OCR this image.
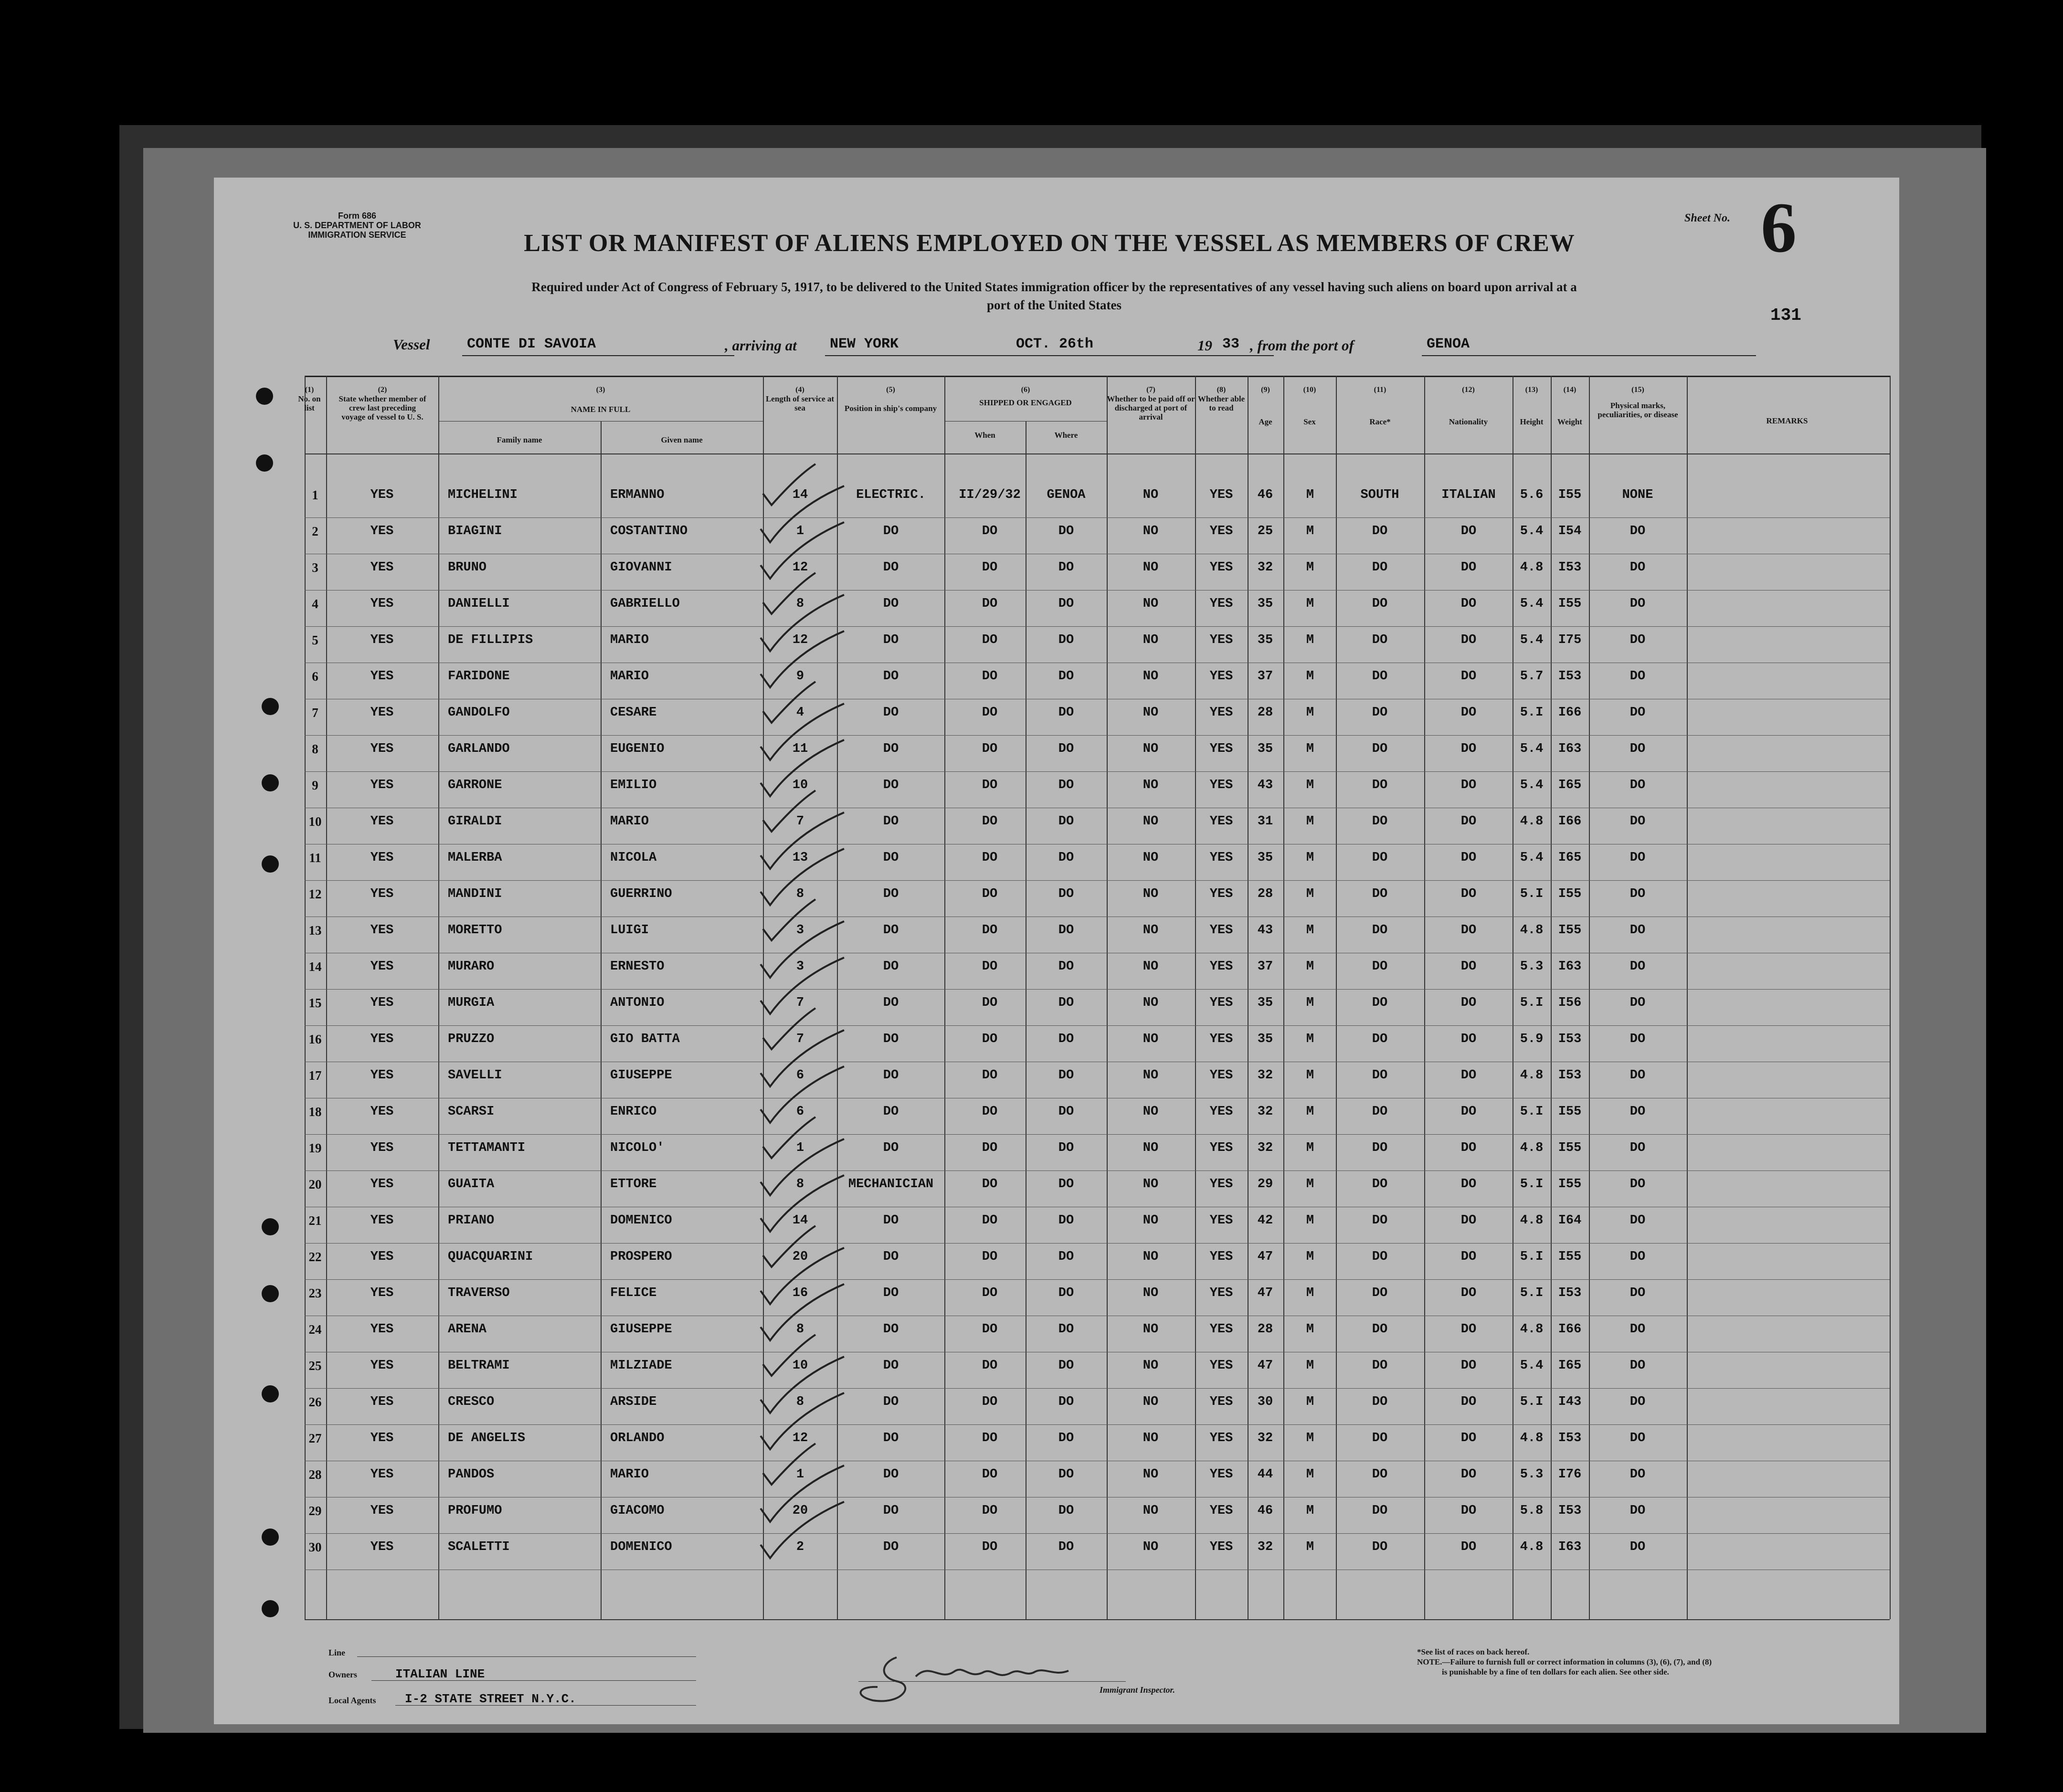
Form 686
U. S. DEPARTMENT OF LABOR
IMMIGRATION SERVICE	LIST OR MANIFEST OF ALIENS EMPLOYED ON THE VESSEL AS MEMBERS OF CREW
Required under Act of Congress of February 5, 1917, to be delivered to the United States immigration officer by the representatives of any vessel having such aliens on board upon arrival at a
port of the United States
Sheet No. 6
131
Vessel	CONTE DI SAVOIA	, arriving at NEW YORK	OCT. 26th	19 33 , from the port of	GENOA
(1)
No. on list
(2)
State whether member of crew last preceding voyage of vessel to U. S.
(3)
NAME IN FULL
Family name	Given name
(4)
Length of service at sea
(5)
Position in ship's company
(6)
SHIPPED OR ENGAGED
When	Where
(7)
Whether to be paid off or discharged at port of arrival
(8)
Whether able to read
(9)
Age
(10)
Sex
(11)
Race*
(12)
Nationality
(13)
Height
(14)
Weight
(15)
Physical marks, peculiarities, or disease
REMARKS
1	YES	MICHELINI	ERMANNO	14	ELECTRIC.	II/29/32	GENOA	NO	YES	46	M	SOUTH	ITALIAN	5.6	I55	NONE
2	YES	BIAGINI	COSTANTINO	1	DO	DO	DO	NO	YES	25	M	DO	DO	5.4	I54	DO
3	YES	BRUNO	GIOVANNI	12	DO	DO	DO	NO	YES	32	M	DO	DO	4.8	I53	DO
4	YES	DANIELLI	GABRIELLO	8	DO	DO	DO	NO	YES	35	M	DO	DO	5.4	I55	DO
5	YES	DE FILLIPIS	MARIO	12	DO	DO	DO	NO	YES	35	M	DO	DO	5.4	I75	DO
6	YES	FARIDONE	MARIO	9	DO	DO	DO	NO	YES	37	M	DO	DO	5.7	I53	DO
7	YES	GANDOLFO	CESARE	4	DO	DO	DO	NO	YES	28	M	DO	DO	5.I	I66	DO
8	YES	GARLANDO	EUGENIO	11	DO	DO	DO	NO	YES	35	M	DO	DO	5.4	I63	DO
9	YES	GARRONE	EMILIO	10	DO	DO	DO	NO	YES	43	M	DO	DO	5.4	I65	DO
10	YES	GIRALDI	MARIO	7	DO	DO	DO	NO	YES	31	M	DO	DO	4.8	I66	DO
11	YES	MALERBA	NICOLA	13	DO	DO	DO	NO	YES	35	M	DO	DO	5.4	I65	DO
12	YES	MANDINI	GUERRINO	8	DO	DO	DO	NO	YES	28	M	DO	DO	5.I	I55	DO
13	YES	MORETTO	LUIGI	3	DO	DO	DO	NO	YES	43	M	DO	DO	4.8	I55	DO
14	YES	MURARO	ERNESTO	3	DO	DO	DO	NO	YES	37	M	DO	DO	5.3	I63	DO
15	YES	MURGIA	ANTONIO	7	DO	DO	DO	NO	YES	35	M	DO	DO	5.I	I56	DO
16	YES	PRUZZO	GIO BATTA	7	DO	DO	DO	NO	YES	35	M	DO	DO	5.9	I53	DO
17	YES	SAVELLI	GIUSEPPE	6	DO	DO	DO	NO	YES	32	M	DO	DO	4.8	I53	DO
18	YES	SCARSI	ENRICO	6	DO	DO	DO	NO	YES	32	M	DO	DO	5.I	I55	DO
19	YES	TETTAMANTI	NICOLO'	1	DO	DO	DO	NO	YES	32	M	DO	DO	4.8	I55	DO
20	YES	GUAITA	ETTORE	8	MECHANICIAN	DO	DO	NO	YES	29	M	DO	DO	5.I	I55	DO
21	YES	PRIANO	DOMENICO	14	DO	DO	DO	NO	YES	42	M	DO	DO	4.8	I64	DO
22	YES	QUACQUARINI	PROSPERO	20	DO	DO	DO	NO	YES	47	M	DO	DO	5.I	I55	DO
23	YES	TRAVERSO	FELICE	16	DO	DO	DO	NO	YES	47	M	DO	DO	5.I	I53	DO
24	YES	ARENA	GIUSEPPE	8	DO	DO	DO	NO	YES	28	M	DO	DO	4.8	I66	DO
25	YES	BELTRAMI	MILZIADE	10	DO	DO	DO	NO	YES	47	M	DO	DO	5.4	I65	DO
26	YES	CRESCO	ARSIDE	8	DO	DO	DO	NO	YES	30	M	DO	DO	5.I	I43	DO
27	YES	DE ANGELIS	ORLANDO	12	DO	DO	DO	NO	YES	32	M	DO	DO	4.8	I53	DO
28	YES	PANDOS	MARIO	1	DO	DO	DO	NO	YES	44	M	DO	DO	5.3	I76	DO
29	YES	PROFUMO	GIACOMO	20	DO	DO	DO	NO	YES	46	M	DO	DO	5.8	I53	DO
30	YES	SCALETTI	DOMENICO	2	DO	DO	DO	NO	YES	32	M	DO	DO	4.8	I63	DO
Line
Owners	ITALIAN LINE
Local Agents I-2 STATE STREET N.Y.C.
Immigrant Inspector.
*See list of races on back hereof.
NOTE.—Failure to furnish full or correct information in columns (3), (6), (7), and (8)
is punishable by a fine of ten dollars for each alien. See other side.
